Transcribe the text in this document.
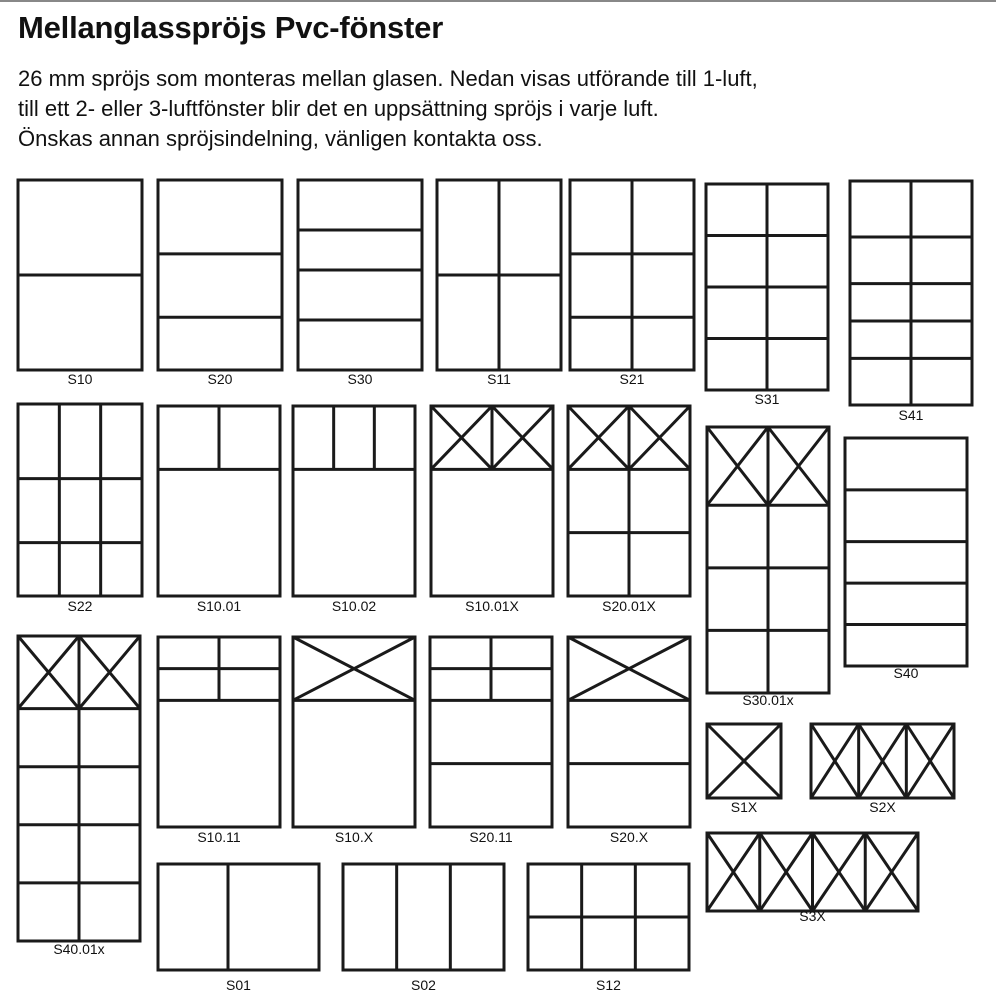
Mellanglasspröjs Pvc-fönster

26 mm spröjs som monteras mellan glasen. Nedan visas utförande till 1-luft,
till ett 2- eller 3-luftfönster blir det en uppsättning spröjs i varje luft.
Önskas annan spröjsindelning, vänligen kontakta oss.

S10	S20	S30	S11	S21
S31
S41
S22	S10.01	S10.02	S10.01X	S20.01X
S30.01x
S40
S40.01x
S10.11	S10.X	S20.11	S20.X
S1X	S2X
S3X
S01	S02	S12
